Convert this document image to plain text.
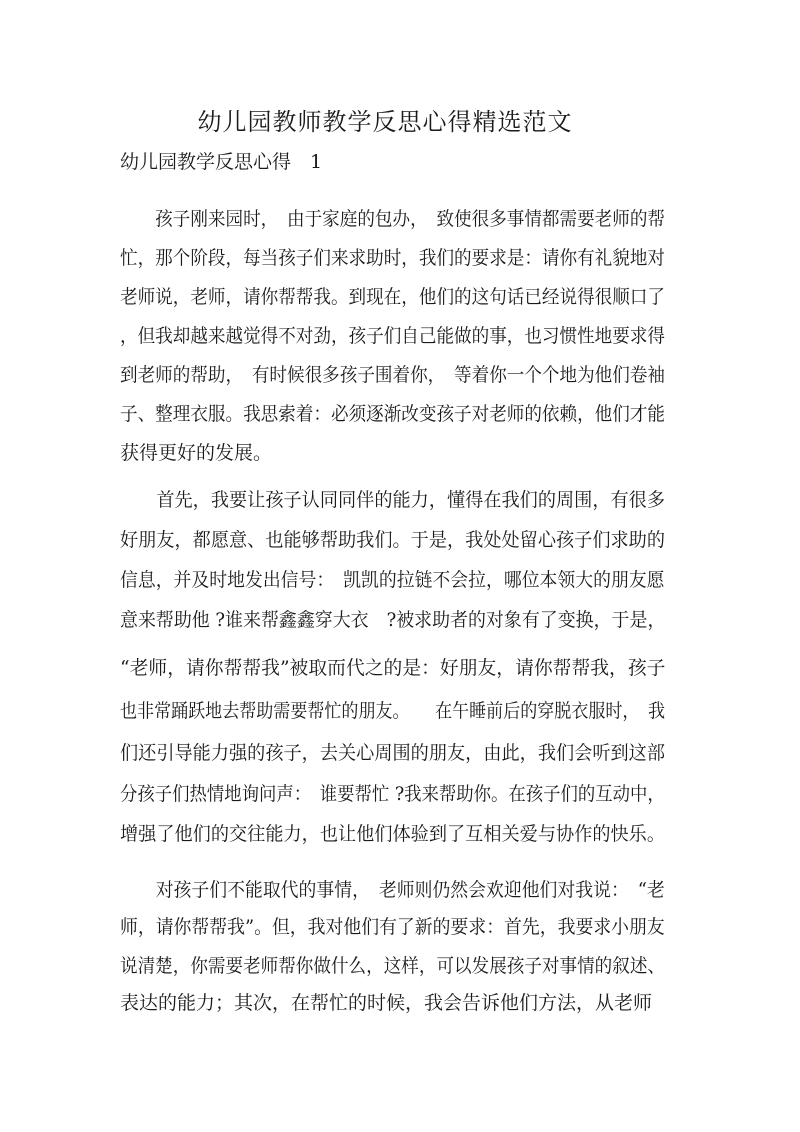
幼儿园教师教学反思心得精选范文
幼儿园教学反思心得　1
　　孩子刚来园时，　由于家庭的包办，　致使很多事情都需要老师的帮
忙，那个阶段，每当孩子们来求助时，我们的要求是：请你有礼貌地对
老师说，老师，请你帮帮我。到现在，他们的这句话已经说得很顺口了
，但我却越来越觉得不对劲，孩子们自己能做的事，也习惯性地要求得
到老师的帮助，　有时候很多孩子围着你，　等着你一个个地为他们卷袖
子、整理衣服。我思索着：必须逐渐改变孩子对老师的依赖，他们才能
获得更好的发展。
　　首先，我要让孩子认同同伴的能力，懂得在我们的周围，有很多
好朋友，都愿意、也能够帮助我们。于是，我处处留心孩子们求助的
信息，并及时地发出信号：　凯凯的拉链不会拉，哪位本领大的朋友愿
意来帮助他 ?谁来帮鑫鑫穿大衣　?被求助者的对象有了变换，于是，
“老师，请你帮帮我”被取而代之的是：好朋友，请你帮帮我，孩子
也非常踊跃地去帮助需要帮忙的朋友。　　在午睡前后的穿脱衣服时，　我
们还引导能力强的孩子，去关心周围的朋友，由此，我们会听到这部
分孩子们热情地询问声：　谁要帮忙 ?我来帮助你。在孩子们的互动中，
增强了他们的交往能力，也让他们体验到了互相关爱与协作的快乐。
　　对孩子们不能取代的事情，　老师则仍然会欢迎他们对我说：　“老
师，请你帮帮我”。但，我对他们有了新的要求：首先，我要求小朋友
说清楚，你需要老师帮你做什么，这样，可以发展孩子对事情的叙述、
表达的能力；其次，在帮忙的时候，我会告诉他们方法，从老师
